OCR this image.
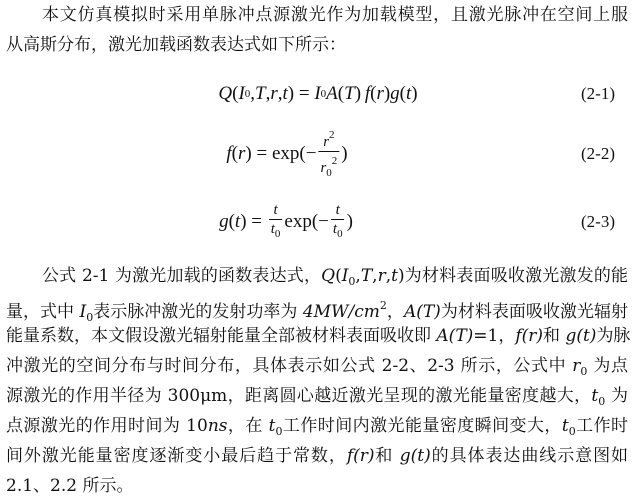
本文仿真模拟时采用单脉冲点源激光作为加载模型，且激光脉冲在空间上服
从高斯分布，激光加载函数表达式如下所示：
Q ( I 0 , T , r , t ) = I 0 A ( T )  f ( r ) g ( t )	(2-1)
f ( r ) = $\exp(- \frac{r^2}{r_0^2}$ )	(2-2)
g ( t ) = $\frac{t}{t_0} \exp(- \frac{t}{t_0}$ )	(2-3)
公式 2-1 为激光加载的函数表达式，$Q(I_0,T,r,t)$为材料表面吸收激光激发的能
量，式中 $I_0$表示脉冲激光的发射功率为 $4MW/cm^2$，A(T)为材料表面吸收激光辐射
能量系数，本文假设激光辐射能量全部被材料表面吸收即 A(T)=1，f(r)和 g(t)为脉
冲激光的空间分布与时间分布，具体表示如公式 2-2、2-3 所示，公式中 $r_0$ 为点
源激光的作用半径为 300μm，距离圆心越近激光呈现的激光能量密度越大，$t_0$ 为
点源激光的作用时间为 10ns，在 $t_0$工作时间内激光能量密度瞬间变大，$t_0$工作时
间外激光能量密度逐渐变小最后趋于常数，f(r)和 g(t)的具体表达曲线示意图如
2.1、2.2 所示。
